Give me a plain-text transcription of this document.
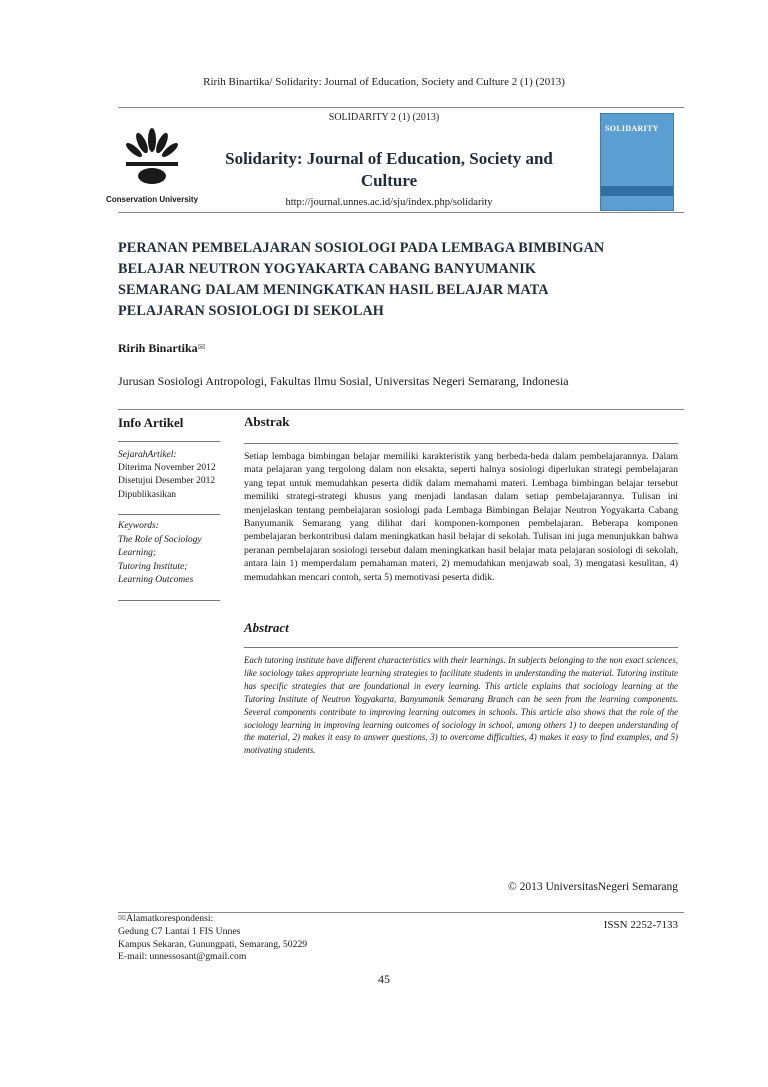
Ririh Binartika/ Solidarity: Journal of Education, Society and Culture 2 (1) (2013)
SOLIDARITY 2 (1) (2013)
Conservation University
Solidarity: Journal of Education, Society and Culture
http://journal.unnes.ac.id/sju/index.php/solidarity
SOLIDARITY
PERANAN PEMBELAJARAN SOSIOLOGI PADA LEMBAGA BIMBINGAN
BELAJAR NEUTRON YOGYAKARTA CABANG BANYUMANIK
SEMARANG DALAM MENINGKATKAN HASIL BELAJAR MATA
PELAJARAN SOSIOLOGI DI SEKOLAH
Ririh Binartika✉
Jurusan Sosiologi Antropologi, Fakultas Ilmu Sosial, Universitas Negeri Semarang, Indonesia
Info Artikel
SejarahArtikel:
Diterima November 2012
Disetujui Desember 2012
Dipublikasikan
Keywords:
The Role of Sociology
Learning;
Tutoring Institute;
Learning Outcomes
Abstrak
Setiap lembaga bimbingan belajar memiliki karakteristik yang berbeda-beda dalam pembelajarannya. Dalam mata pelajaran yang tergolong dalam non eksakta, seperti halnya sosiologi diperlukan strategi pembelajaran yang tepat untuk memudahkan peserta didik dalam memahami materi. Lembaga bimbingan belajar tersebut memiliki strategi-strategi khusus yang menjadi landasan dalam setiap pembelajarannya. Tulisan ini menjelaskan tentang pembelajaran sosiologi pada Lembaga Bimbingan Belajar Neutron Yogyakarta Cabang Banyumanik Semarang yang dilihat dari komponen-komponen pembelajaran. Beberapa komponen pembelajaran berkontribusi dalam meningkatkan hasil belajar di sekolah. Tulisan ini juga menunjukkan bahwa peranan pembelajaran sosiologi tersebut dalam meningkatkan hasil belajar mata pelajaran sosiologi di sekolah, antara lain 1) memperdalam pemahaman materi, 2) memudahkan menjawab soal, 3) mengatasi kesulitan, 4) memudahkan mencari contoh, serta 5) memotivasi peserta didik.
Abstract
Each tutoring institute have different characteristics with their learnings. In subjects belonging to the non exact sciences, like sociology takes appropriate learning strategies to facilitate students in understanding the material. Tutoring institute has specific strategies that are foundational in every learning. This article explains that sociology learning at the Tutoring Institute of Neutron Yogyakarta, Banyumanik Semarang Branch can be seen from the learning components. Several components contribute to improving learning outcomes in schools. This article also shows that the role of the sociology learning in improving learning outcomes of sociology in school, among others 1) to deepen understanding of the material, 2) makes it easy to answer questions, 3) to overcome difficulties, 4) makes it easy to find examples, and 5) motivating students.
© 2013 UniversitasNegeri Semarang
✉Alamatkorespondensi:
Gedung C7 Lantai 1 FIS Unnes
Kampus Sekaran, Gunungpati, Semarang, 50229
E-mail: unnessosant@gmail.com
ISSN 2252-7133
45
